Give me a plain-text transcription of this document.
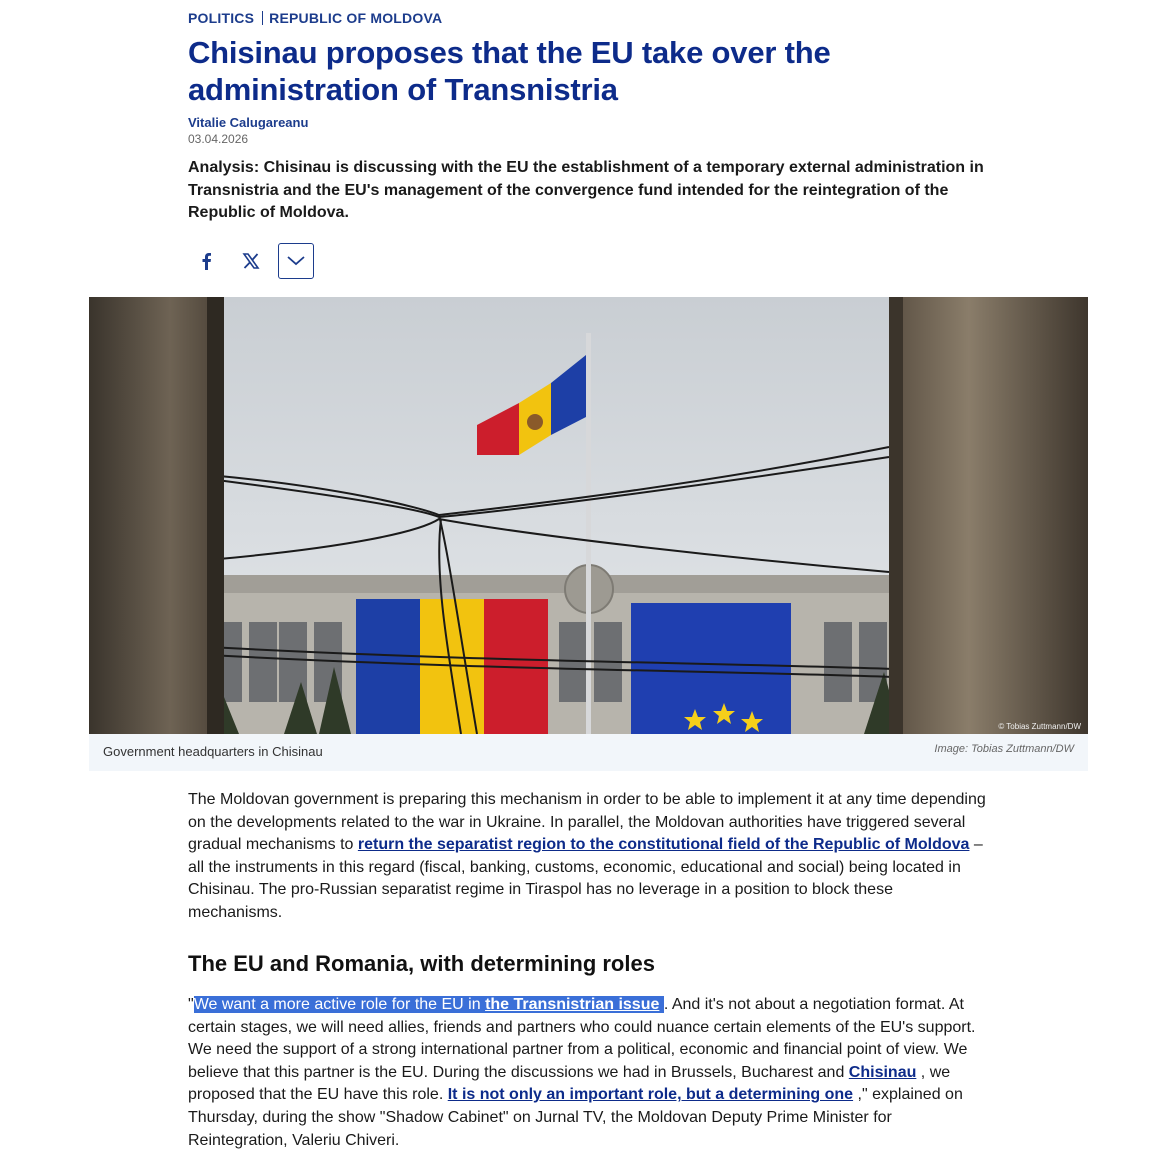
POLITICS REPUBLIC OF MOLDOVA
Chisinau proposes that the EU take over the administration of Transnistria
Vitalie Calugareanu
03.04.2026

Analysis: Chisinau is discussing with the EU the establishment of a temporary external administration in Transnistria and the EU's management of the convergence fund intended for the reintegration of the Republic of Moldova.

© Tobias Zuttmann/DW
Government headquarters in Chisinau	Image: Tobias Zuttmann/DW

The Moldovan government is preparing this mechanism in order to be able to implement it at any time depending on the developments related to the war in Ukraine. In parallel, the Moldovan authorities have triggered several gradual mechanisms to return the separatist region to the constitutional field of the Republic of Moldova – all the instruments in this regard (fiscal, banking, customs, economic, educational and social) being located in Chisinau. The pro-Russian separatist regime in Tiraspol has no leverage in a position to block these mechanisms.

The EU and Romania, with determining roles

"We want a more active role for the EU in the Transnistrian issue . And it's not about a negotiation format. At certain stages, we will need allies, friends and partners who could nuance certain elements of the EU's support. We need the support of a strong international partner from a political, economic and financial point of view. We believe that this partner is the EU. During the discussions we had in Brussels, Bucharest and Chisinau , we proposed that the EU have this role. It is not only an important role, but a determining one ," explained on Thursday, during the show "Shadow Cabinet" on Jurnal TV, the Moldovan Deputy Prime Minister for Reintegration, Valeriu Chiveri.
